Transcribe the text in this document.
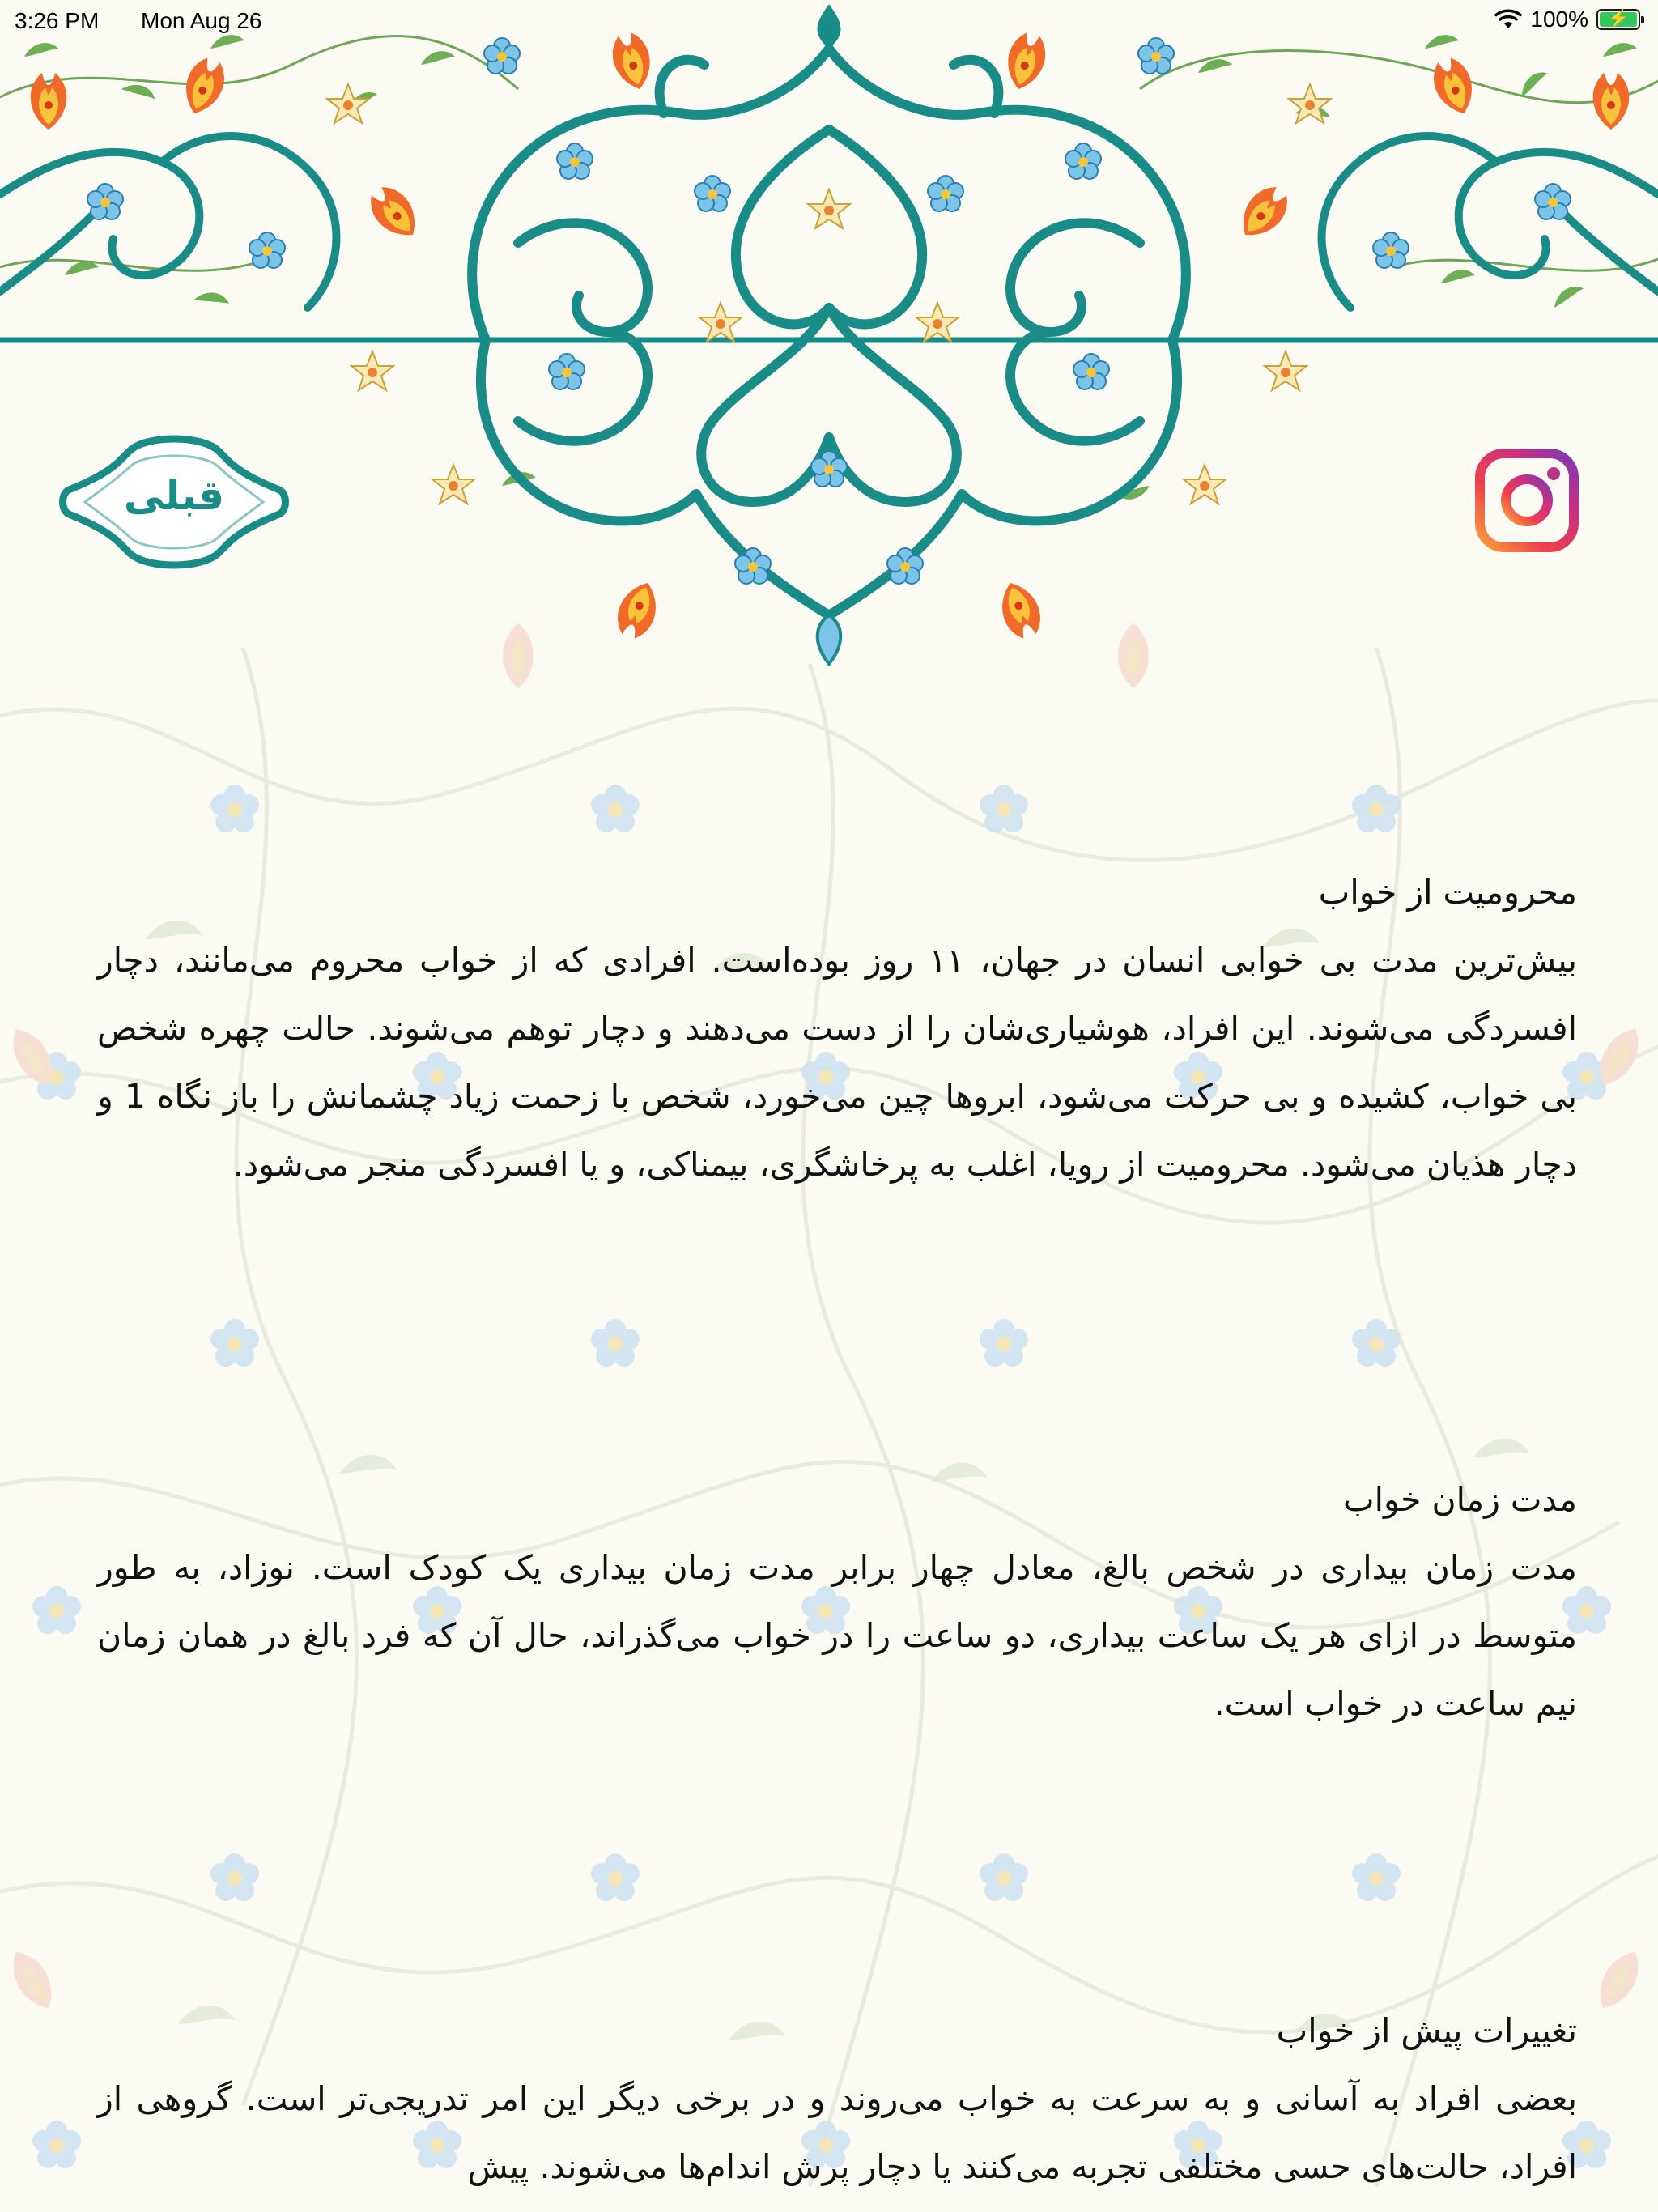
3:26 PM Mon Aug 26	100%	⚡
قبلی
محرومیت از خواب
بیش‌ترین مدت بی خوابی انسان در جهان، ۱۱ روز بوده‌است. افرادی که از خواب محروم می‌مانند، دچار افسردگی می‌شوند. این افراد، هوشیاری‌شان را از دست می‌دهند و دچار توهم می‌شوند. حالت چهره شخص بی خواب، کشیده و بی حرکت می‌شود، ابروها چین می‌خورد، شخص با زحمت زیاد چشمانش را باز نگاه 1 و دچار هذیان می‌شود. محرومیت از رویا، اغلب به پرخاشگری، بیمناکی، و یا افسردگی منجر می‌شود.
مدت زمان خواب
مدت زمان بیداری در شخص بالغ، معادل چهار برابر مدت زمان بیداری یک کودک است. نوزاد، به طور متوسط در ازای هر یک ساعت بیداری، دو ساعت را در خواب می‌گذراند، حال آن که فرد بالغ در همان زمان نیم ساعت در خواب است.
تغییرات پیش از خواب
بعضی افراد به آسانی و به سرعت به خواب می‌روند و در برخی دیگر این امر تدریجی‌تر است. گروهی از افراد، حالت‌های حسی مختلفی تجربه می‌کنند یا دچار پرش اندام‌ها می‌شوند. پیش
